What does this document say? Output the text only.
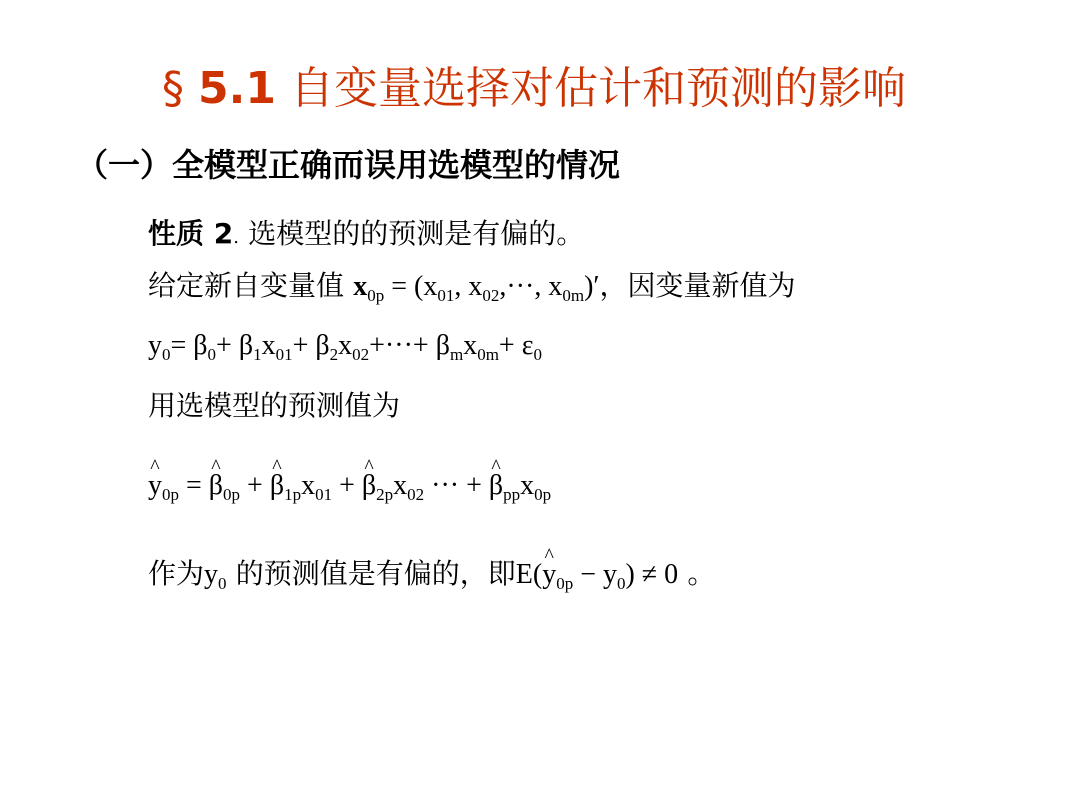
§ 5.1 自变量选择对估计和预测的影响
（一）全模型正确而误用选模型的情况
性质 2. 选模型的的预测是有偏的。
给定新自变量值 $x_{0p} = (x_{01}$, $x_{02},\cdot\cdot\cdot$, $x_{0m})'$，因变量新值为
$y_0= \beta_0+ \beta_1x_{01}+ \beta_2x_{02}+\cdot\cdot\cdot+ \beta_mx_{0m}+ \varepsilon_0$
用选模型的预测值为
^ $y_{0p}$ = ^ $\beta_{0p}$ + ^ $\beta_{1p}x_{01}$ + ^ $\beta_{2p}x_{02}$ ··· + ^ $\beta_{pp}x_{0p}$
作为$y_0$ 的预测值是有偏的，即E(^ $y_{0p} - y_0) \ne 0$ 。
